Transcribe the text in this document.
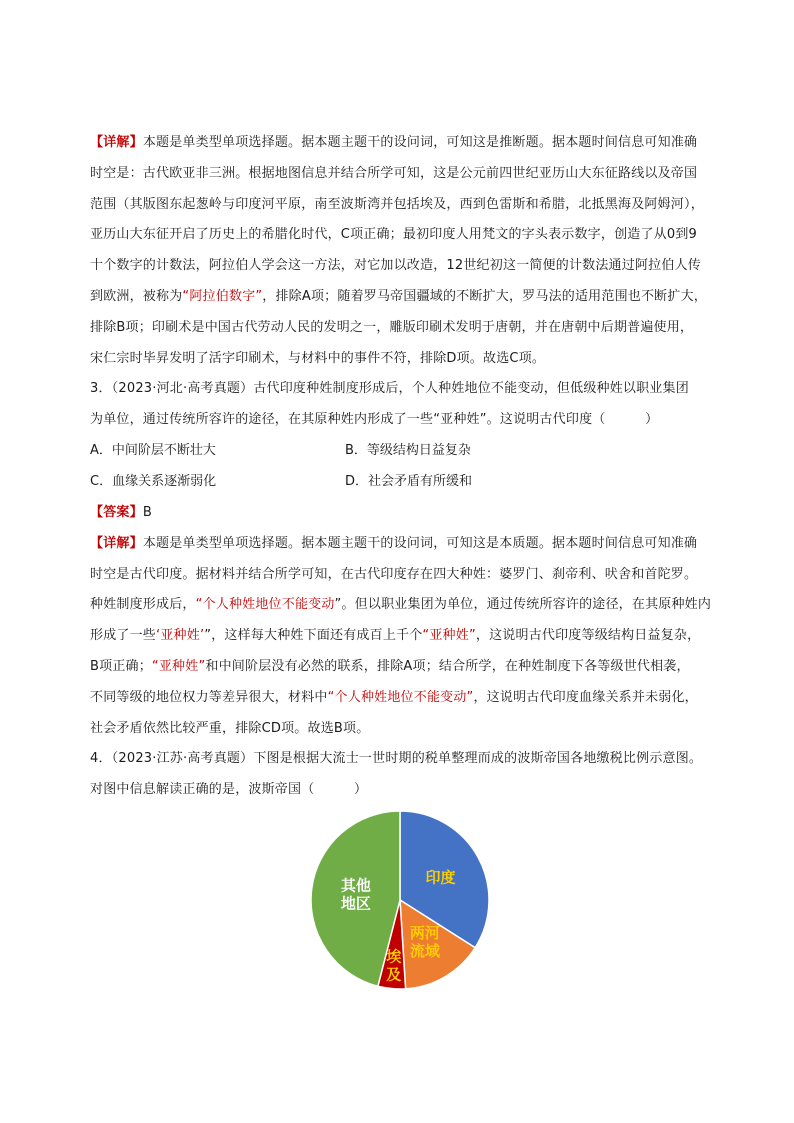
【详解】本题是单类型单项选择题。据本题主题干的设问词，可知这是推断题。据本题时间信息可知准确

时空是：古代欧亚非三洲。根据地图信息并结合所学可知，这是公元前四世纪亚历山大东征路线以及帝国

范围（其版图东起葱岭与印度河平原，南至波斯湾并包括埃及，西到色雷斯和希腊，北抵黑海及阿姆河），

亚历山大东征开启了历史上的希腊化时代，C项正确；最初印度人用梵文的字头表示数字，创造了从0到9

十个数字的计数法，阿拉伯人学会这一方法，对它加以改造，12世纪初这一简便的计数法通过阿拉伯人传

到欧洲，被称为“阿拉伯数字”，排除A项；随着罗马帝国疆域的不断扩大，罗马法的适用范围也不断扩大，

排除B项；印刷术是中国古代劳动人民的发明之一，雕版印刷术发明于唐朝，并在唐朝中后期普遍使用，

宋仁宗时毕昇发明了活字印刷术，与材料中的事件不符，排除D项。故选C项。

3．（2023·河北·高考真题）古代印度种姓制度形成后，个人种姓地位不能变动，但低级种姓以职业集团

为单位，通过传统所容许的途径，在其原种姓内形成了一些“亚种姓”。这说明古代印度（　　　）

A．中间阶层不断壮大	B．等级结构日益复杂
C．血缘关系逐渐弱化	D．社会矛盾有所缓和

【答案】B

【详解】本题是单类型单项选择题。据本题主题干的设问词，可知这是本质题。据本题时间信息可知准确

时空是古代印度。据材料并结合所学可知，在古代印度存在四大种姓：婆罗门、刹帝利、吠舍和首陀罗。

种姓制度形成后，“个人种姓地位不能变动”。但以职业集团为单位，通过传统所容许的途径，在其原种姓内

形成了一些‘亚种姓’”，这样每大种姓下面还有成百上千个“亚种姓”，这说明古代印度等级结构日益复杂，

B项正确；“亚种姓”和中间阶层没有必然的联系，排除A项；结合所学，在种姓制度下各等级世代相袭，

不同等级的地位权力等差异很大，材料中“个人种姓地位不能变动”，这说明古代印度血缘关系并未弱化，

社会矛盾依然比较严重，排除CD项。故选B项。

4．（2023·江苏·高考真题）下图是根据大流士一世时期的税单整理而成的波斯帝国各地缴税比例示意图。

对图中信息解读正确的是，波斯帝国（　　　）

印度
两河
流域
埃
及
其他
地区
